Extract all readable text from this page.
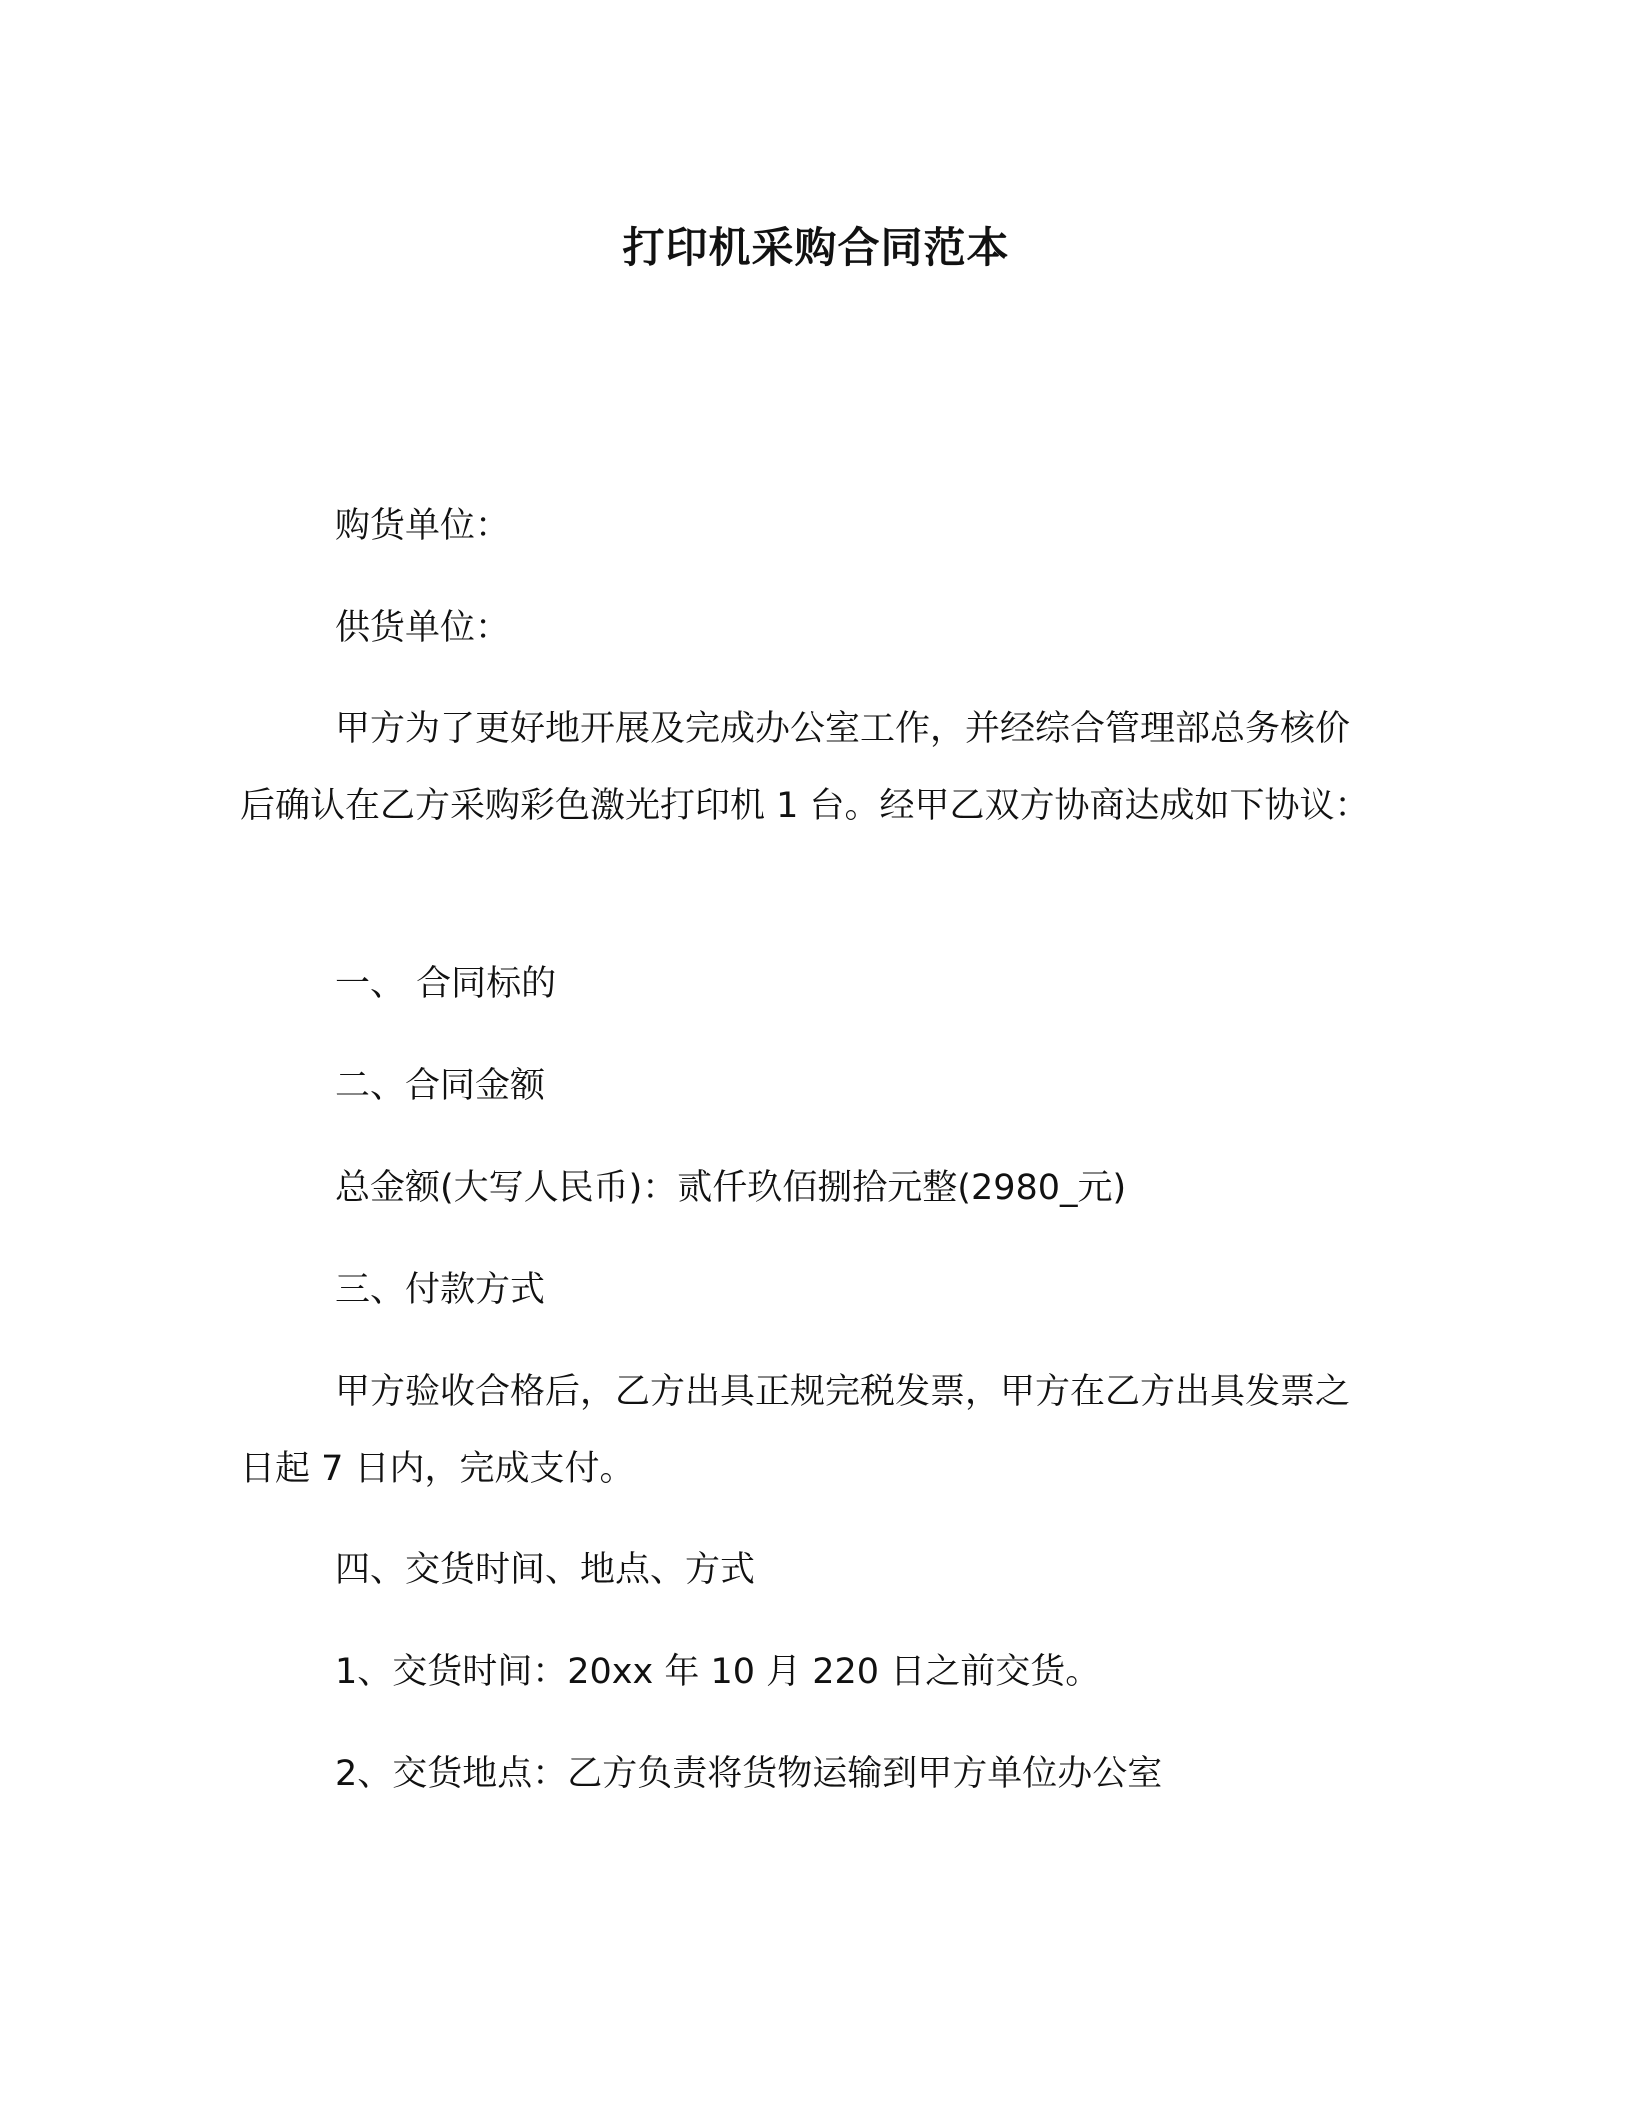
打印机采购合同范本

购货单位：

供货单位：

甲方为了更好地开展及完成办公室工作，并经综合管理部总务核价后确认在乙方采购彩色激光打印机 1 台。经甲乙双方协商达成如下协议：

一、 合同标的

二、合同金额

总金额(大写人民币)：贰仟玖佰捌拾元整(2980_元)

三、付款方式

甲方验收合格后，乙方出具正规完税发票，甲方在乙方出具发票之日起 7 日内，完成支付。

四、交货时间、地点、方式

1、交货时间：20xx 年 10 月 220 日之前交货。

2、交货地点：乙方负责将货物运输到甲方单位办公室
